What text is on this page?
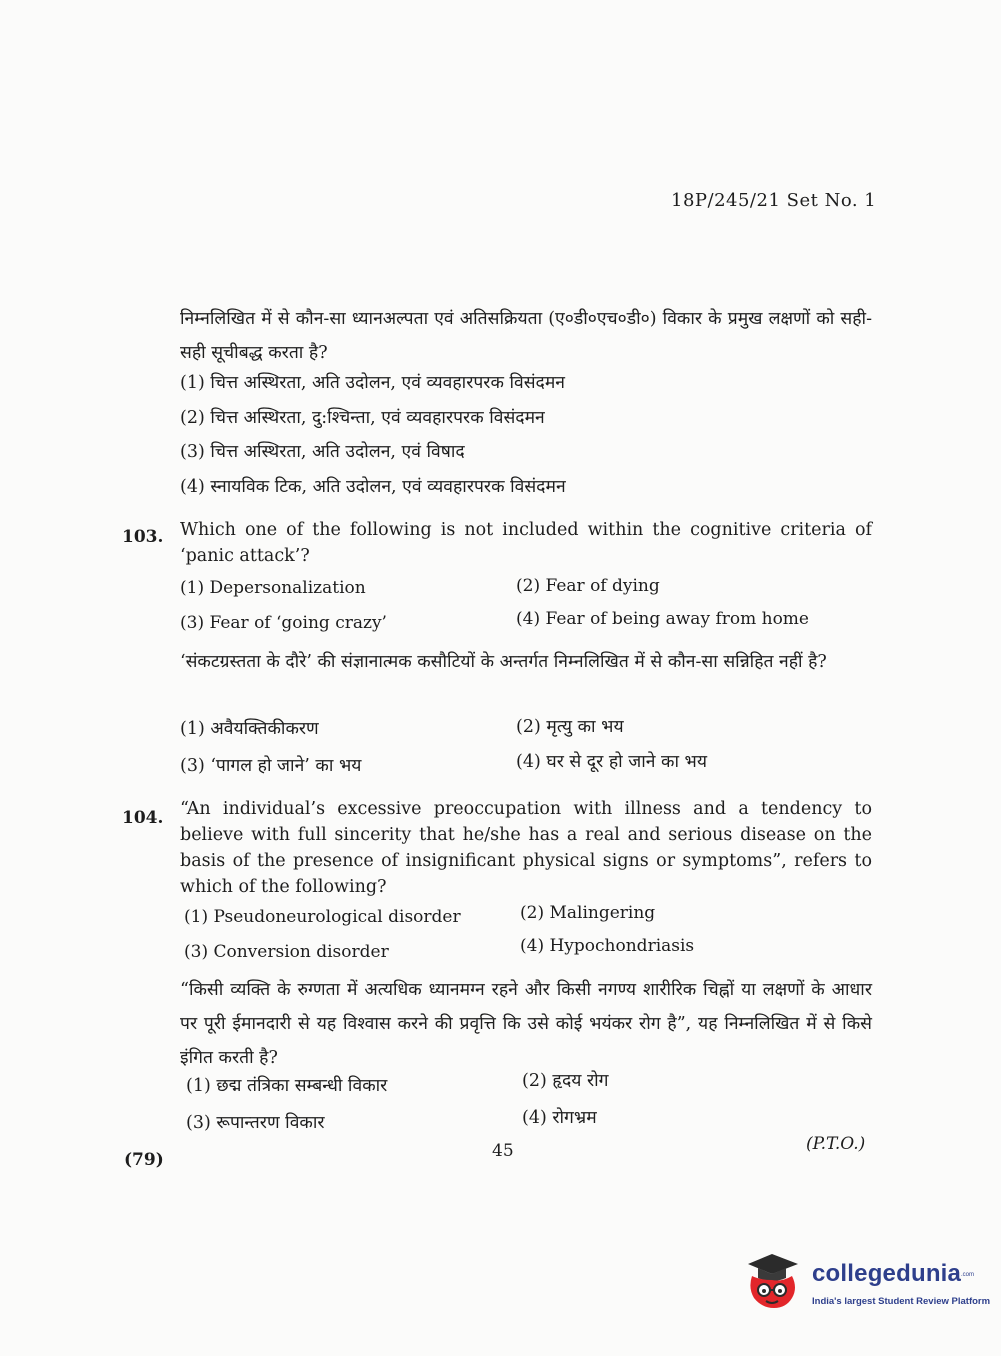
18P/245/21 Set No. 1
निम्नलिखित में से कौन-सा ध्यानअल्पता एवं अतिसक्रियता (ए०डी०एच०डी०) विकार के प्रमुख लक्षणों को सही-सही सूचीबद्ध करता है?
(1) चित्त अस्थिरता, अति उदोलन, एवं व्यवहारपरक विसंदमन
(2) चित्त अस्थिरता, दु:श्चिन्ता, एवं व्यवहारपरक विसंदमन
(3) चित्त अस्थिरता, अति उदोलन, एवं विषाद
(4) स्नायविक टिक, अति उदोलन, एवं व्यवहारपरक विसंदमन
103. Which one of the following is not included within the cognitive criteria of ‘panic attack’?
(1) Depersonalization	(2) Fear of dying
(3) Fear of ‘going crazy’	(4) Fear of being away from home
‘संकटग्रस्तता के दौरे’ की संज्ञानात्मक कसौटियों के अन्तर्गत निम्नलिखित में से कौन-सा सन्निहित नहीं है?
(1) अवैयक्तिकीकरण	(2) मृत्यु का भय
(3) ‘पागल हो जाने’ का भय	(4) घर से दूर हो जाने का भय
104. “An individual’s excessive preoccupation with illness and a tendency to believe with full sincerity that he/she has a real and serious disease on the basis of the presence of insignificant physical signs or symptoms”, refers to which of the following?
(1) Pseudoneurological disorder	(2) Malingering
(3) Conversion disorder	(4) Hypochondriasis
“किसी व्यक्ति के रुग्णता में अत्यधिक ध्यानमग्न रहने और किसी नगण्य शारीरिक चिह्नों या लक्षणों के आधार पर पूरी ईमानदारी से यह विश्वास करने की प्रवृत्ति कि उसे कोई भयंकर रोग है”, यह निम्नलिखित में से किसे इंगित करती है?
(1) छद्म तंत्रिका सम्बन्धी विकार	(2) हृदय रोग
(3) रूपान्तरण विकार	(4) रोगभ्रम
(79)	45	(P.T.O.)
collegedunia .com
India's largest Student Review Platform
